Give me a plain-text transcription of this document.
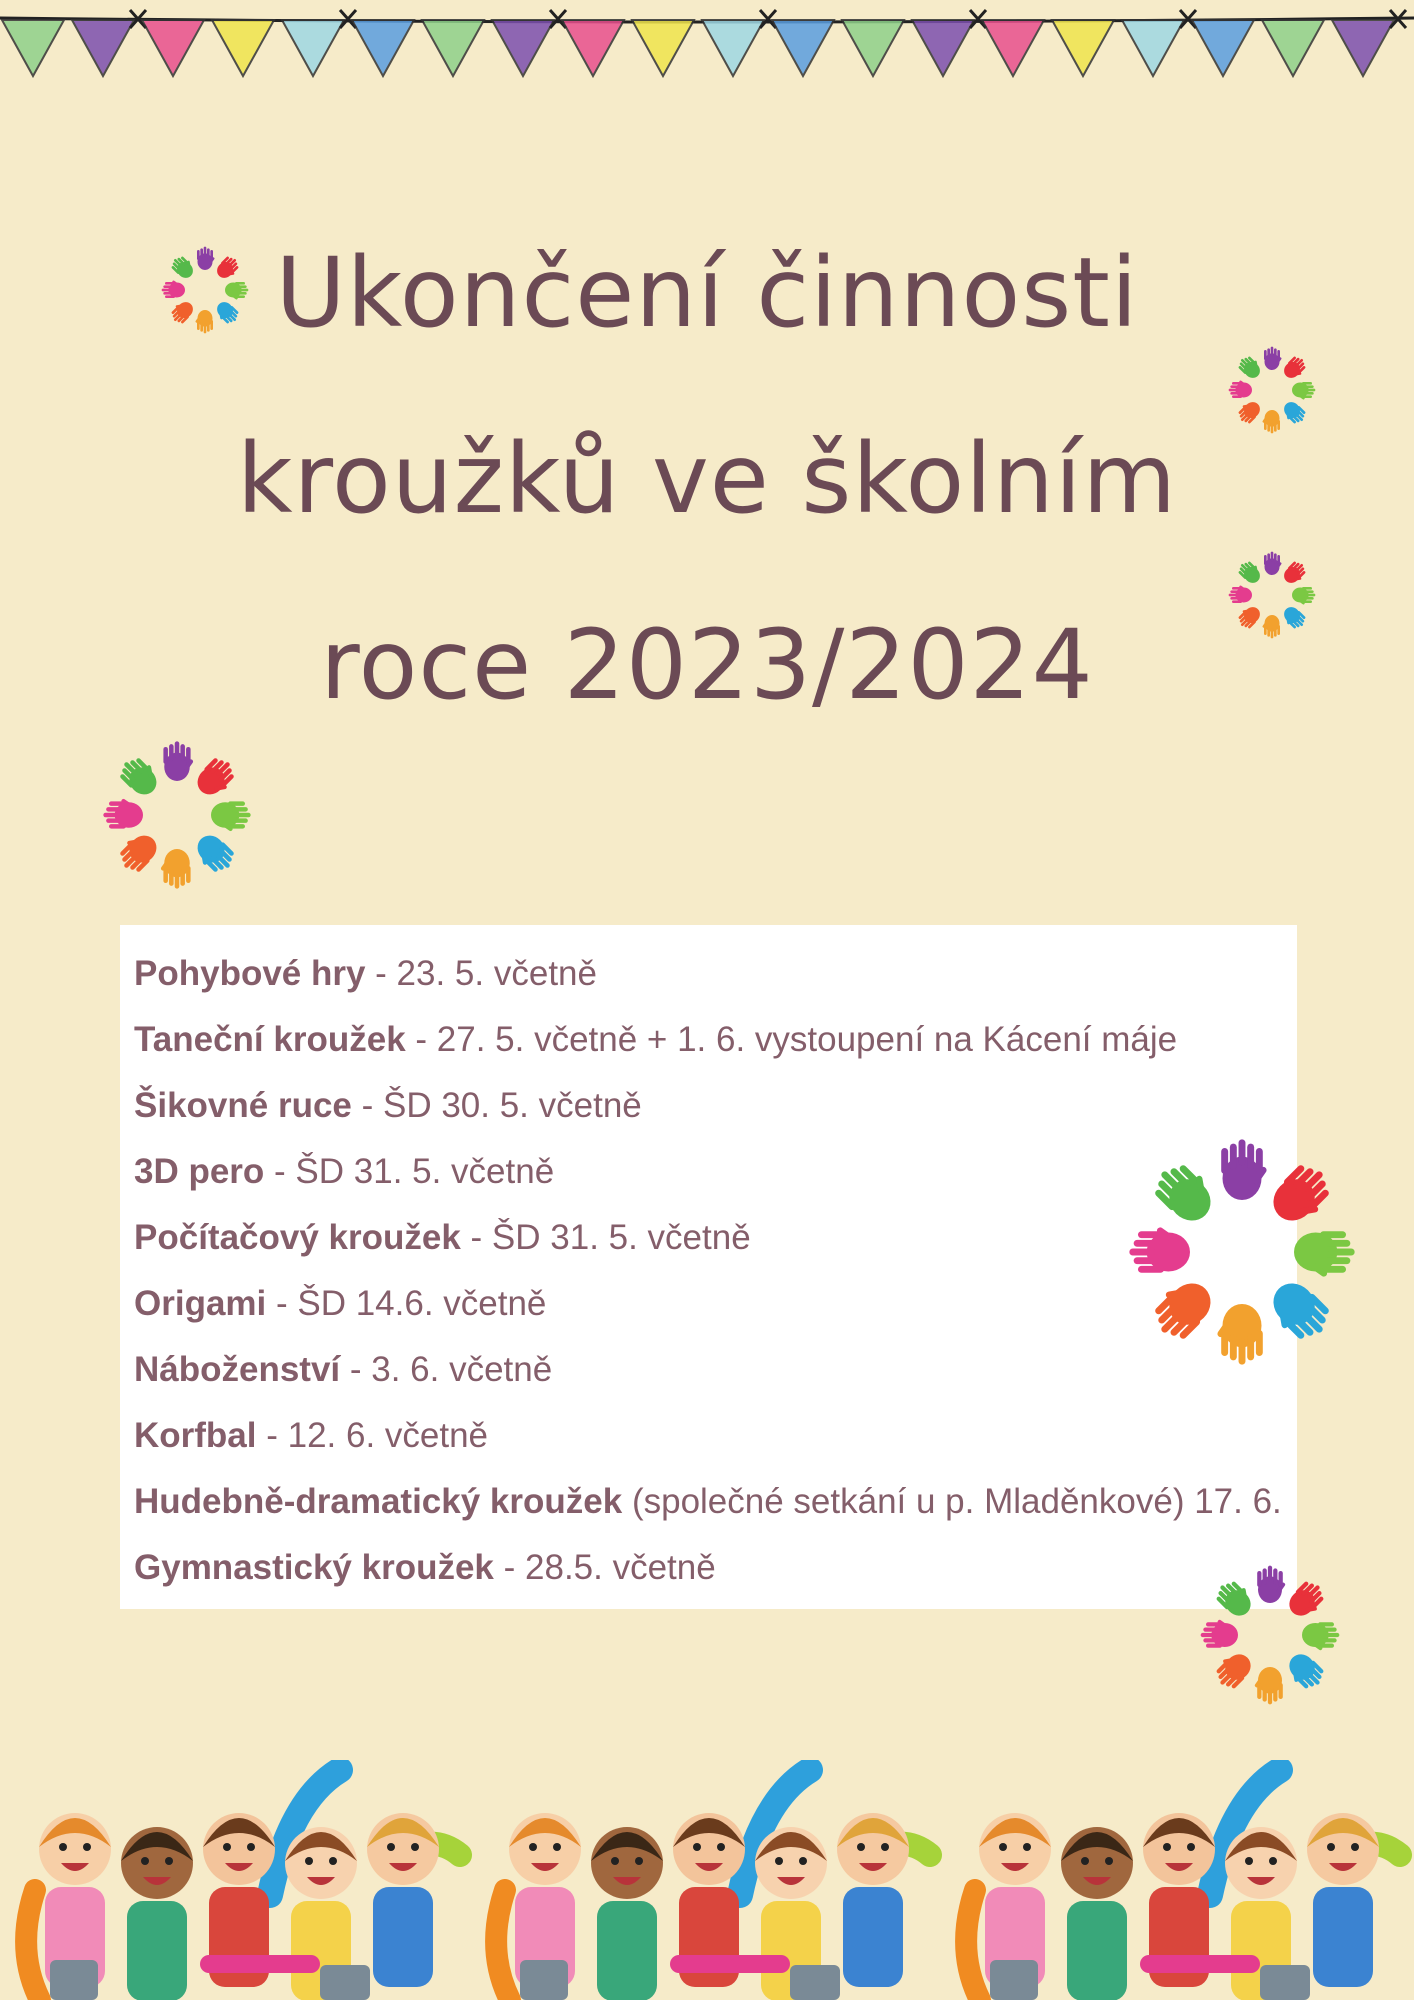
Ukončení činnosti
kroužků ve školním
roce 2023/2024
Pohybové hry - 23. 5. včetně
Taneční kroužek - 27. 5. včetně + 1. 6. vystoupení na Kácení máje
Šikovné ruce - ŠD 30. 5. včetně
3D pero - ŠD 31. 5. včetně
Počítačový kroužek - ŠD 31. 5. včetně
Origami - ŠD 14.6. včetně
Náboženství - 3. 6. včetně
Korfbal - 12. 6. včetně
Hudebně-dramatický kroužek (společné setkání u p. Mladěnkové) 17. 6.
Gymnastický kroužek - 28.5. včetně
